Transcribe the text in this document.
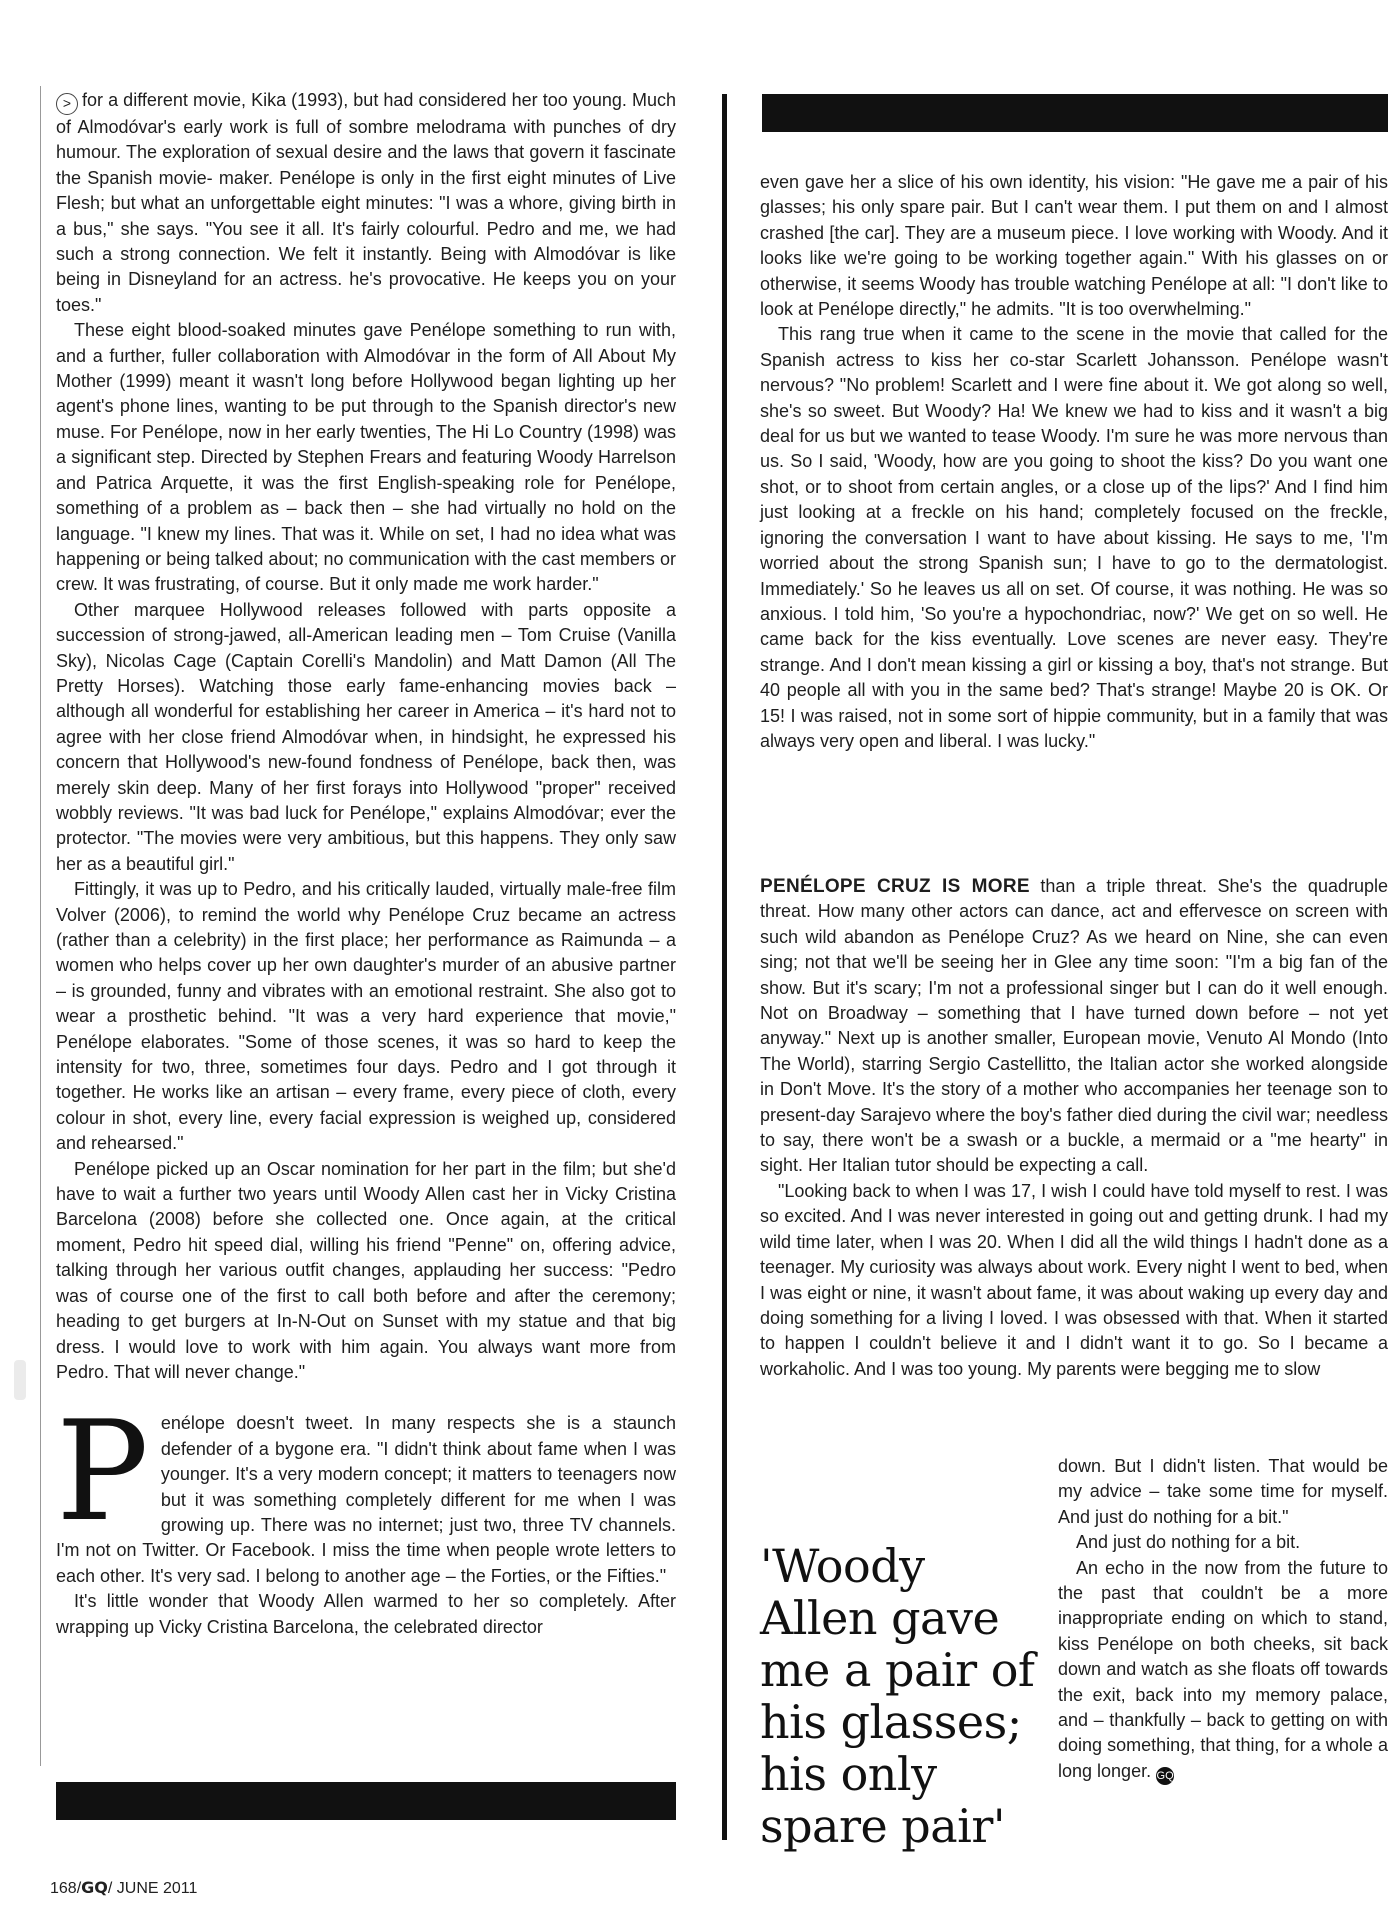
> for a different movie, Kika (1993), but had considered her too young. Much of Almodóvar's early work is full of sombre melodrama with punches of dry humour. The exploration of sexual desire and the laws that govern it fascinate the Spanish movie- maker. Penélope is only in the first eight minutes of Live Flesh; but what an unforgettable eight minutes: "I was a whore, giving birth in a bus," she says. "You see it all. It's fairly colourful. Pedro and me, we had such a strong connection. We felt it instantly. Being with Almodóvar is like being in Disneyland for an actress. he's provocative. He keeps you on your toes."

These eight blood-soaked minutes gave Penélope something to run with, and a further, fuller collaboration with Almodóvar in the form of All About My Mother (1999) meant it wasn't long before Hollywood began lighting up her agent's phone lines, wanting to be put through to the Spanish director's new muse. For Penélope, now in her early twenties, The Hi Lo Country (1998) was a significant step. Directed by Stephen Frears and featuring Woody Harrelson and Patrica Arquette, it was the first English-speaking role for Penélope, something of a problem as – back then – she had virtually no hold on the language. "I knew my lines. That was it. While on set, I had no idea what was happening or being talked about; no communication with the cast members or crew. It was frustrating, of course. But it only made me work harder."

Other marquee Hollywood releases followed with parts opposite a succession of strong-jawed, all-American leading men – Tom Cruise (Vanilla Sky), Nicolas Cage (Captain Corelli's Mandolin) and Matt Damon (All The Pretty Horses). Watching those early fame-enhancing movies back – although all wonderful for establishing her career in America – it's hard not to agree with her close friend Almodóvar when, in hindsight, he expressed his concern that Hollywood's new-found fondness of Penélope, back then, was merely skin deep. Many of her first forays into Hollywood "proper" received wobbly reviews. "It was bad luck for Penélope," explains Almodóvar; ever the protector. "The movies were very ambitious, but this happens. They only saw her as a beautiful girl."

Fittingly, it was up to Pedro, and his critically lauded, virtually male-free film Volver (2006), to remind the world why Penélope Cruz became an actress (rather than a celebrity) in the first place; her performance as Raimunda – a women who helps cover up her own daughter's murder of an abusive partner – is grounded, funny and vibrates with an emotional restraint. She also got to wear a prosthetic behind. "It was a very hard experience that movie," Penélope elaborates. "Some of those scenes, it was so hard to keep the intensity for two, three, sometimes four days. Pedro and I got through it together. He works like an artisan – every frame, every piece of cloth, every colour in shot, every line, every facial expression is weighed up, considered and rehearsed."

Penélope picked up an Oscar nomination for her part in the film; but she'd have to wait a further two years until Woody Allen cast her in Vicky Cristina Barcelona (2008) before she collected one. Once again, at the critical moment, Pedro hit speed dial, willing his friend "Penne" on, offering advice, talking through her various outfit changes, applauding her success: "Pedro was of course one of the first to call both before and after the ceremony; heading to get burgers at In-N-Out on Sunset with my statue and that big dress. I would love to work with him again. You always want more from Pedro. That will never change."

Penélope doesn't tweet. In many respects she is a staunch defender of a bygone era. "I didn't think about fame when I was younger. It's a very modern concept; it matters to teenagers now but it was something completely different for me when I was growing up. There was no internet; just two, three TV channels. I'm not on Twitter. Or Facebook. I miss the time when people wrote letters to each other. It's very sad. I belong to another age – the Forties, or the Fifties."

It's little wonder that Woody Allen warmed to her so completely. After wrapping up Vicky Cristina Barcelona, the celebrated director

even gave her a slice of his own identity, his vision: "He gave me a pair of his glasses; his only spare pair. But I can't wear them. I put them on and I almost crashed [the car]. They are a museum piece. I love working with Woody. And it looks like we're going to be working together again." With his glasses on or otherwise, it seems Woody has trouble watching Penélope at all: "I don't like to look at Penélope directly," he admits. "It is too overwhelming."

This rang true when it came to the scene in the movie that called for the Spanish actress to kiss her co-star Scarlett Johansson. Penélope wasn't nervous? "No problem! Scarlett and I were fine about it. We got along so well, she's so sweet. But Woody? Ha! We knew we had to kiss and it wasn't a big deal for us but we wanted to tease Woody. I'm sure he was more nervous than us. So I said, 'Woody, how are you going to shoot the kiss? Do you want one shot, or to shoot from certain angles, or a close up of the lips?' And I find him just looking at a freckle on his hand; completely focused on the freckle, ignoring the conversation I want to have about kissing. He says to me, 'I'm worried about the strong Spanish sun; I have to go to the dermatologist. Immediately.' So he leaves us all on set. Of course, it was nothing. He was so anxious. I told him, 'So you're a hypochondriac, now?' We get on so well. He came back for the kiss eventually. Love scenes are never easy. They're strange. And I don't mean kissing a girl or kissing a boy, that's not strange. But 40 people all with you in the same bed? That's strange! Maybe 20 is OK. Or 15! I was raised, not in some sort of hippie community, but in a family that was always very open and liberal. I was lucky."

PENÉLOPE CRUZ IS MORE than a triple threat. She's the quadruple threat. How many other actors can dance, act and effervesce on screen with such wild abandon as Penélope Cruz? As we heard on Nine, she can even sing; not that we'll be seeing her in Glee any time soon: "I'm a big fan of the show. But it's scary; I'm not a professional singer but I can do it well enough. Not on Broadway – something that I have turned down before – not yet anyway." Next up is another smaller, European movie, Venuto Al Mondo (Into The World), starring Sergio Castellitto, the Italian actor she worked alongside in Don't Move. It's the story of a mother who accompanies her teenage son to present-day Sarajevo where the boy's father died during the civil war; needless to say, there won't be a swash or a buckle, a mermaid or a "me hearty" in sight. Her Italian tutor should be expecting a call.

"Looking back to when I was 17, I wish I could have told myself to rest. I was so excited. And I was never interested in going out and getting drunk. I had my wild time later, when I was 20. When I did all the wild things I hadn't done as a teenager. My curiosity was always about work. Every night I went to bed, when I was eight or nine, it wasn't about fame, it was about waking up every day and doing something for a living I loved. I was obsessed with that. When it started to happen I couldn't believe it and I didn't want it to go. So I became a workaholic. And I was too young. My parents were begging me to slow

down. But I didn't listen. That would be my advice – take some time for myself. And just do nothing for a bit."

And just do nothing for a bit.

An echo in the now from the future to the past that couldn't be a more inappropriate ending on which to stand, kiss Penélope on both cheeks, sit back down and watch as she floats off towards the exit, back into my memory palace, and – thankfully – back to getting on with doing something, that thing, for a whole a long longer. GQ

'Woody Allen gave me a pair of his glasses; his only spare pair'
168/GQ/ JUNE 2011
